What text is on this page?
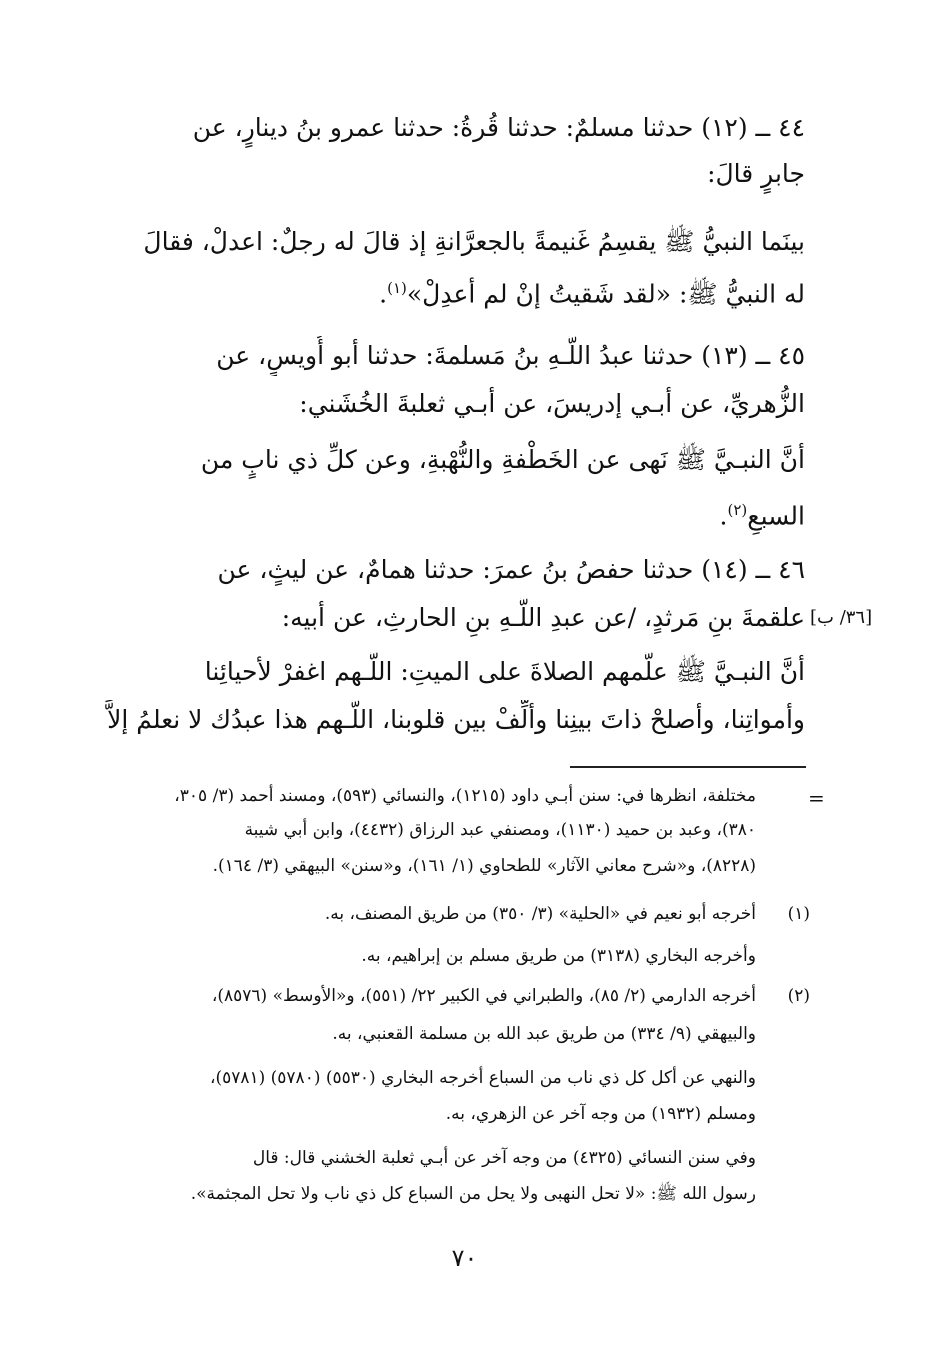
٤٤ ــ (١٢) حدثنا مسلمٌ: حدثنا قُرةُ: حدثنا عمرو بنُ دينارٍ، عن
جابرٍ قالَ:
بينَما النبيُّ ﷺ يقسِمُ غَنيمةً بالجعرَّانةِ إذ قالَ له رجلٌ: اعدلْ، فقالَ
له النبيُّ ﷺ: «لقد شَقيتُ إنْ لم أعدِلْ»$^{(١)}$.
٤٥ ــ (١٣) حدثنا عبدُ اللَّـهِ بنُ مَسلمةَ: حدثنا أبو أُويسٍ، عن
الزُّهريِّ، عن أبـي إدريسَ، عن أبـي ثعلبةَ الخُشَني:
أنَّ النبـيَّ ﷺ نَهى عن الخَطْفةِ والنُّهْبةِ، وعن كلِّ ذي نابٍ من
السبعِ$^{(٢)}$.
٤٦ ــ (١٤) حدثنا حفصُ بنُ عمرَ: حدثنا همامٌ، عن ليثٍ، عن
علقمةَ بنِ مَرثدٍ، /عن عبدِ اللَّـهِ بنِ الحارثِ، عن أبيه: [٣٦/ ب]
أنَّ النبـيَّ ﷺ علَّمهم الصلاةَ على الميتِ: اللَّـهم اغفرْ لأحيائِنا
وأمواتِنا، وأصلحْ ذاتَ بينِنا وألِّفْ بين قلوبنا، اللَّـهم هذا عبدُك لا نعلمُ إلاَّ
=
مختلفة، انظرها في: سنن أبـي داود (١٢١٥)، والنسائي (٥٩٣)، ومسند أحمد (٣/ ٣٠٥،
٣٨٠)، وعبد بن حميد (١١٣٠)، ومصنفي عبد الرزاق (٤٤٣٢)، وابن أبي شيبة
(٨٢٢٨)، و«شرح معاني الآثار» للطحاوي (١/ ١٦١)، و«سنن» البيهقي (٣/ ١٦٤).
(١)
أخرجه أبو نعيم في «الحلية» (٣/ ٣٥٠) من طريق المصنف، به.
وأخرجه البخاري (٣١٣٨) من طريق مسلم بن إبراهيم، به.
(٢)
أخرجه الدارمي (٢/ ٨٥)، والطبراني في الكبير ٢٢/ (٥٥١)، و«الأوسط» (٨٥٧٦)،
والبيهقي (٩/ ٣٣٤) من طريق عبد الله بن مسلمة القعنبي، به.
والنهي عن أكل كل ذي ناب من السباع أخرجه البخاري (٥٥٣٠) (٥٧٨٠) (٥٧٨١)،
ومسلم (١٩٣٢) من وجه آخر عن الزهري، به.
وفي سنن النسائي (٤٣٢٥) من وجه آخر عن أبـي ثعلبة الخشني قال: قال
رسول الله ﷺ: «لا تحل النهبى ولا يحل من السباع كل ذي ناب ولا تحل المجثمة».
٧٠
